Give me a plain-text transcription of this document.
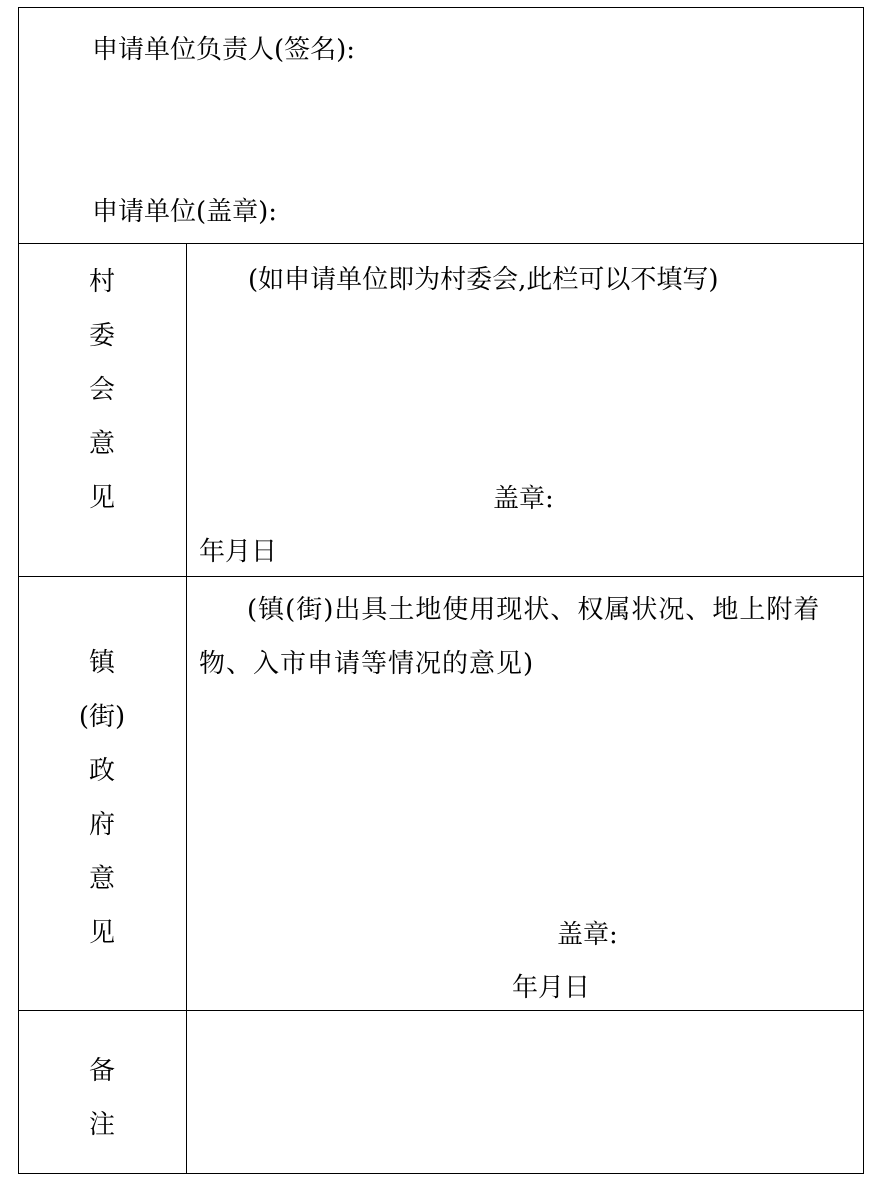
申请单位负责人(签名):
申请单位(盖章):
村
委
会
意
见
(如申请单位即为村委会,此栏可以不填写)
盖章:
年月日
镇
(街)
政
府
意
见
(镇(街)出具土地使用现状、权属状况、地上附着物、入市申请等情况的意见)
盖章:
年月日
备
注
